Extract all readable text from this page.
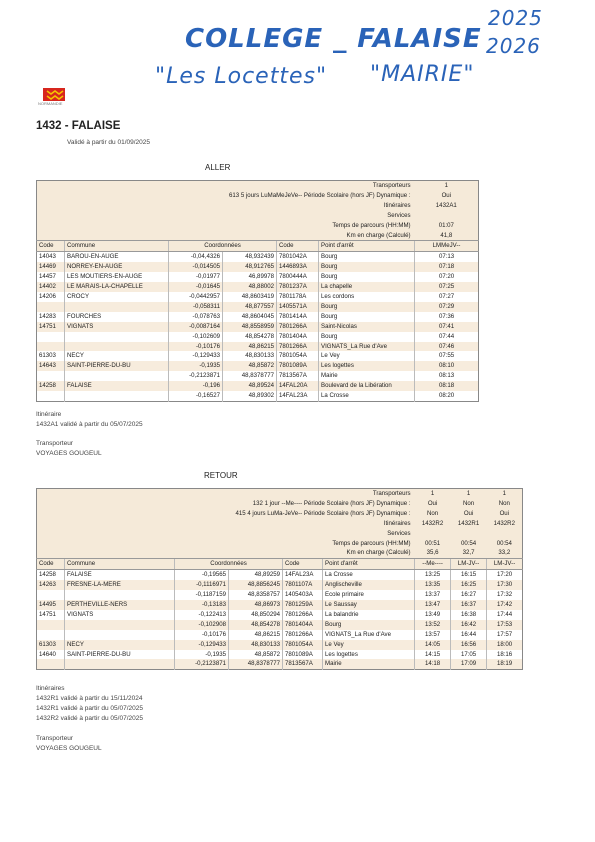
COLLEGE _ FALAISE
2025
2026
"Les Locettes" "MAIRIE"
NORMANDIE
1432 - FALAISE
Validé à partir du 01/09/2025
ALLER
Transporteurs						1
613 5 jours LuMaMeJeVe-- Période Scolaire (hors JF) Dynamique :						Oui
Itinéraires						1432A1
Services						
Temps de parcours (HH:MM)						01:07
Km en charge (Calculé)						41,8
Code	Commune	Coordonnées		Code	Point d'arrêt	LMMeJV--
14043	BAROU-EN-AUGE	-0,04,4326	48,932439	7801042A	Bourg	07:13
14469	NORREY-EN-AUGE	-0,014505	48,912765	1446893A	Bourg	07:18
14457	LES MOUTIERS-EN-AUGE	-0,01977	46,89978	7800444A	Bourg	07:20
14402	LE MARAIS-LA-CHAPELLE	-0,01645	48,88002	7801237A	La chapelle	07:25
14206	CROCY	-0,0442957	48,8603419	7801178A	Les cordons	07:27
		-0,058311	48,877557	1405571A	Bourg	07:29
14283	FOURCHES	-0,078763	48,8604045	7801414A	Bourg	07:36
14751	VIGNATS	-0,0087164	48,8558959	7801266A	Saint-Nicolas	07:41
		-0,102609	48,854278	7801404A	Bourg	07:44
		-0,10176	48,86215	7801266A	VIGNATS_La Rue d'Ave	07:46
61303	NECY	-0,129433	48,830133	7801054A	Le Vey	07:55
14643	SAINT-PIERRE-DU-BU	-0,1935	48,85872	7801089A	Les logettes	08:10
		-0,2123871	48,8378777	7813567A	Mairie	08:13
14258	FALAISE	-0,196	48,89524	14FAL20A	Boulevard de la Libération	08:18
		-0,16527	48,89302	14FAL23A	La Crosse	08:20
Itinéraire
1432A1 validé à partir du 05/07/2025
Transporteur
VOYAGES GOUGEUL
RETOUR
Transporteurs						1	1	1
132 1 jour --Me---- Période Scolaire (hors JF) Dynamique :						Oui	Non	Non
415 4 jours LuMa-JeVe-- Période Scolaire (hors JF) Dynamique :						Non	Oui	Oui
Itinéraires						1432R2	1432R1	1432R2
Services								
Temps de parcours (HH:MM)						00:51	00:54	00:54
Km en charge (Calculé)						35,6	32,7	33,2
Code	Commune	Coordonnées		Code	Point d'arrêt	--Me----	LM-JV--	LM-JV--
14258	FALAISE	-0,19565	48,89259	14FAL23A	La Crosse	13:25	16:15	17:20
14263	FRESNE-LA-MERE	-0,1116971	48,8856245	7801107A	Anglischeville	13:35	16:25	17:30
		-0,1187159	48,8358757	1405403A	Ecole primaire	13:37	16:27	17:32
14495	PERTHEVILLE-NERS	-0,13183	48,86973	7801259A	Le Saussay	13:47	16:37	17:42
14751	VIGNATS	-0,122413	48,850294	7801266A	La balandrie	13:49	16:38	17:44
		-0,102908	48,854278	7801404A	Bourg	13:52	16:42	17:53
		-0,10176	48,86215	7801266A	VIGNATS_La Rue d'Ave	13:57	16:44	17:57
61303	NECY	-0,129433	48,830133	7801054A	Le Vey	14:05	16:56	18:00
14640	SAINT-PIERRE-DU-BU	-0,1935	48,85872	7801089A	Les logettes	14:15	17:05	18:16
		-0,2123871	48,8378777	7813567A	Mairie	14:18	17:09	18:19
Itinéraires
1432R1 validé à partir du 15/11/2024
1432R1 validé à partir du 05/07/2025
1432R2 validé à partir du 05/07/2025
Transporteur
VOYAGES GOUGEUL
